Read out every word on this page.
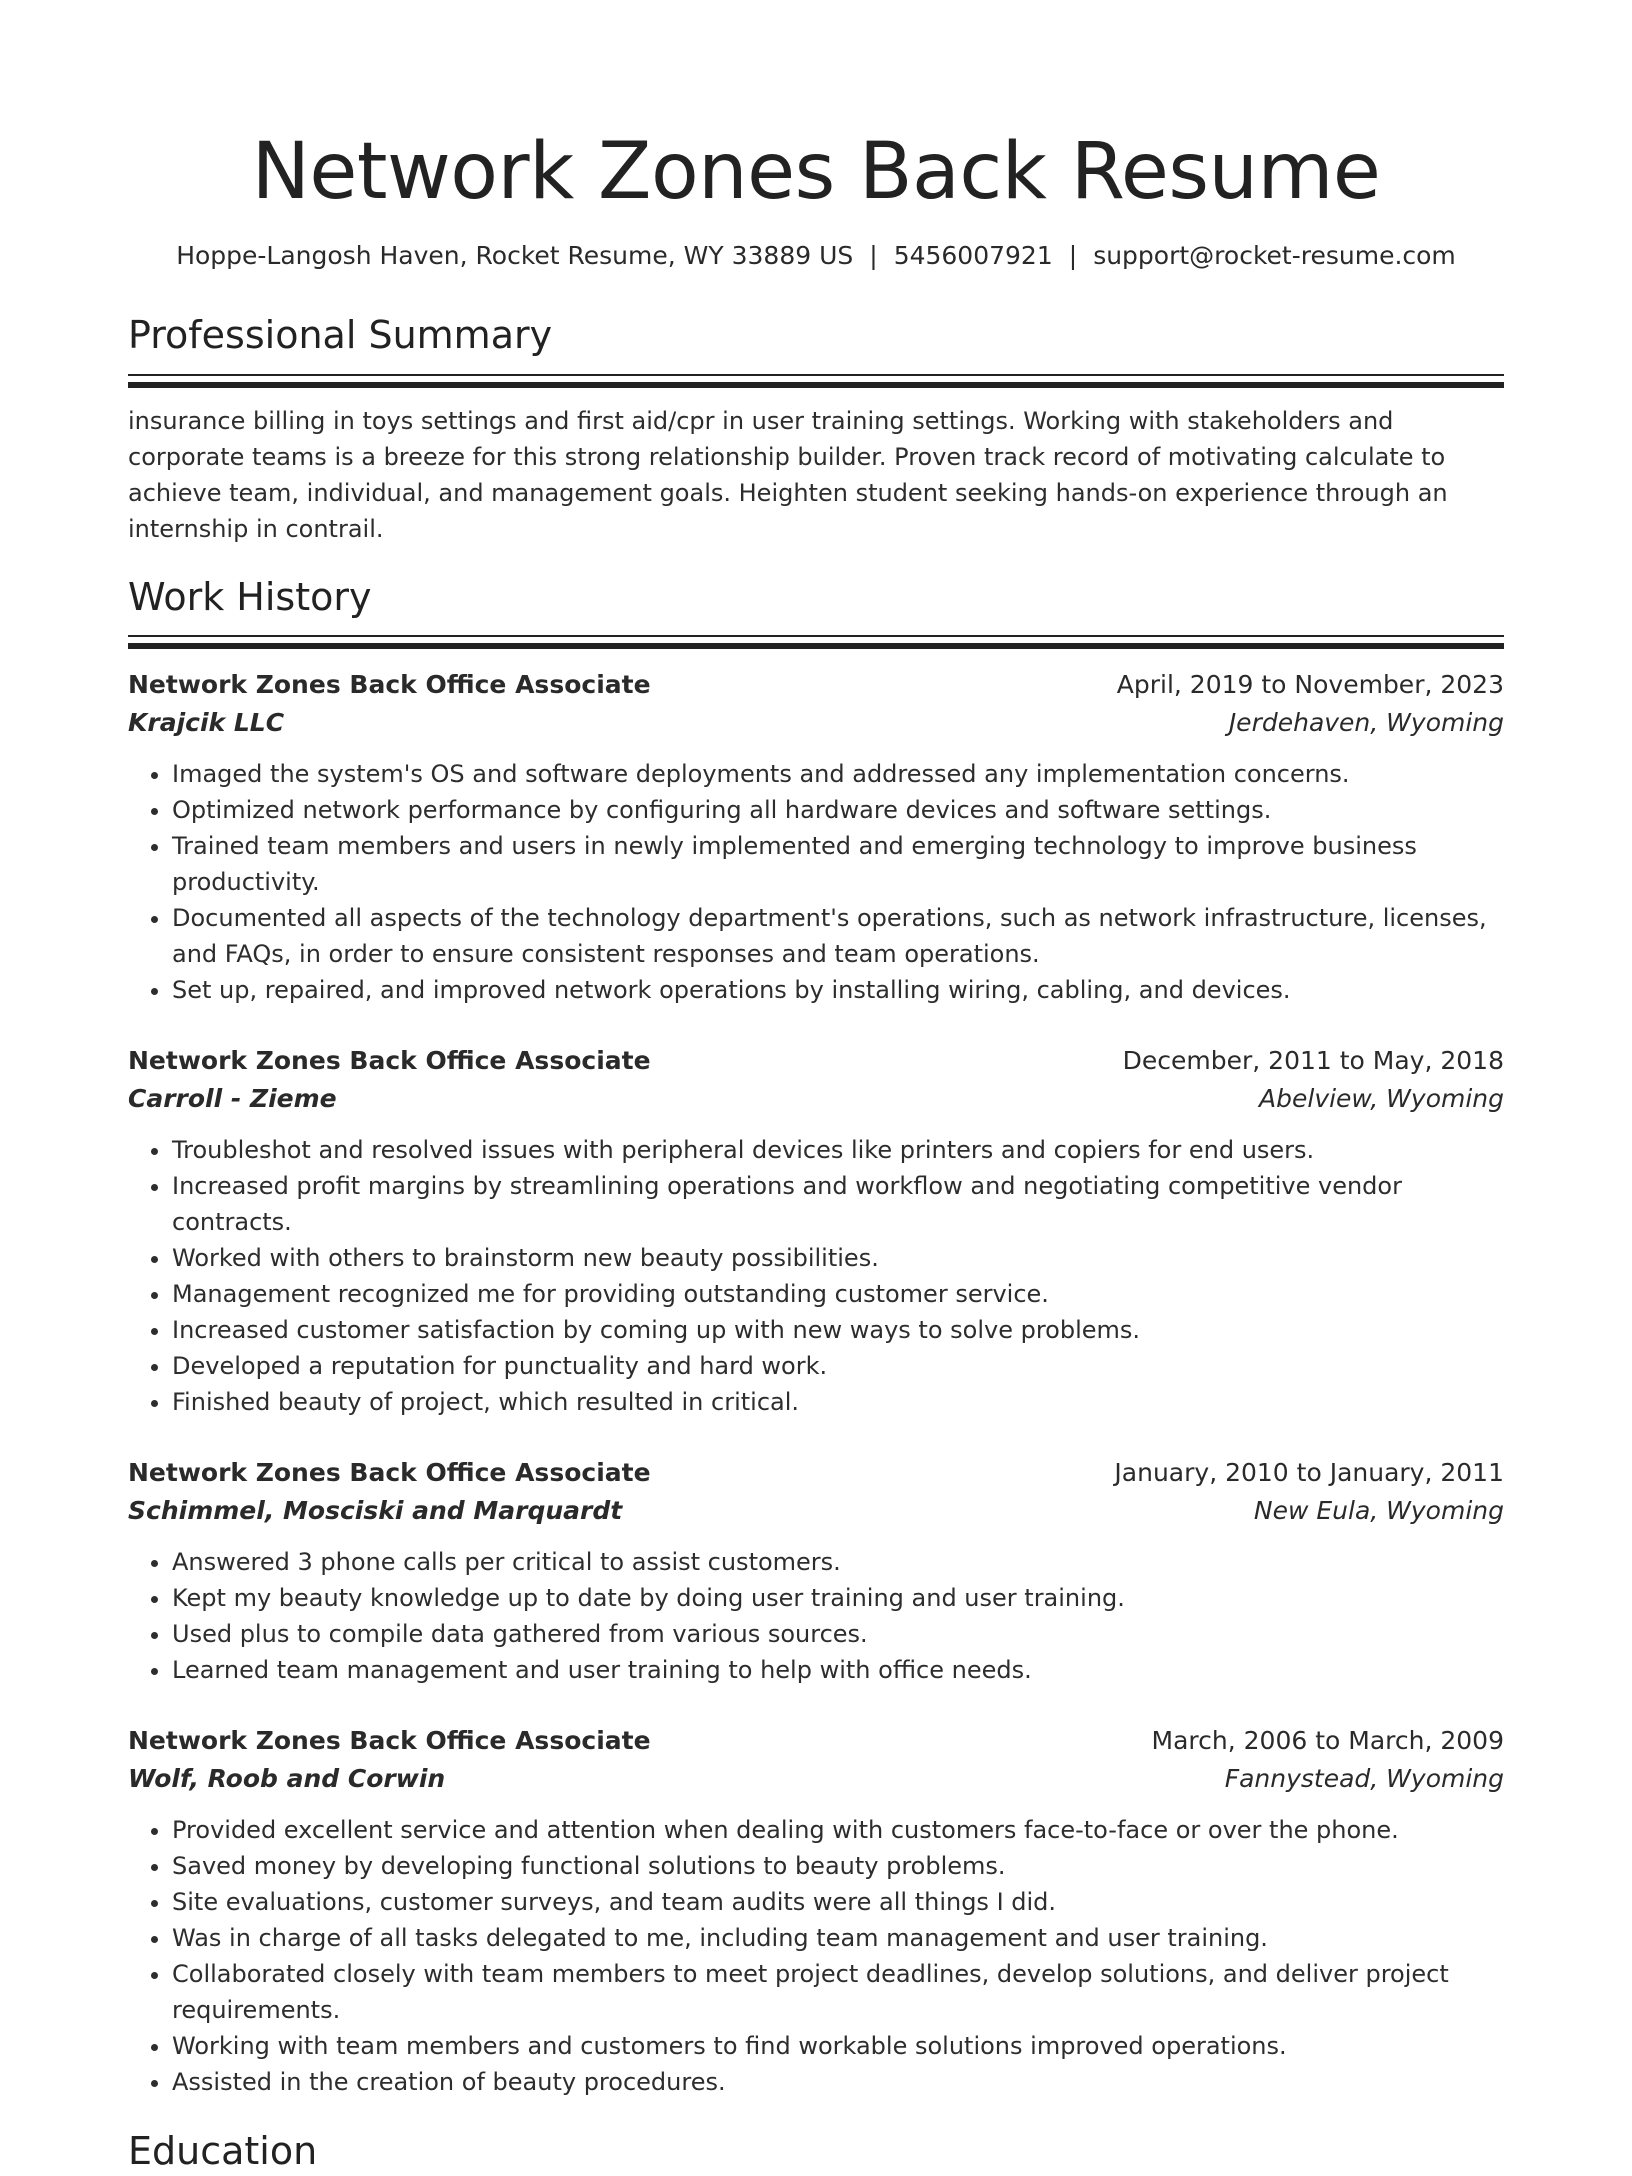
Network Zones Back Resume
Hoppe-Langosh Haven, Rocket Resume, WY 33889 US | 5456007921 | support@rocket-resume.com
Professional Summary

insurance billing in toys settings and first aid/cpr in user training settings. Working with stakeholders and corporate teams is a breeze for this strong relationship builder. Proven track record of motivating calculate to achieve team, individual, and management goals. Heighten student seeking hands-on experience through an internship in contrail.

Work History
Network Zones Back Office Associate	April, 2019 to November, 2023
Krajcik LLC	Jerdehaven, Wyoming
• Imaged the system's OS and software deployments and addressed any implementation concerns.
• Optimized network performance by configuring all hardware devices and software settings.
• Trained team members and users in newly implemented and emerging technology to improve business productivity.
• Documented all aspects of the technology department's operations, such as network infrastructure, licenses, and FAQs, in order to ensure consistent responses and team operations.
• Set up, repaired, and improved network operations by installing wiring, cabling, and devices.
Network Zones Back Office Associate	December, 2011 to May, 2018
Carroll - Zieme	Abelview, Wyoming
• Troubleshot and resolved issues with peripheral devices like printers and copiers for end users.
• Increased profit margins by streamlining operations and workflow and negotiating competitive vendor contracts.
• Worked with others to brainstorm new beauty possibilities.
• Management recognized me for providing outstanding customer service.
• Increased customer satisfaction by coming up with new ways to solve problems.
• Developed a reputation for punctuality and hard work.
• Finished beauty of project, which resulted in critical.
Network Zones Back Office Associate	January, 2010 to January, 2011
Schimmel, Mosciski and Marquardt	New Eula, Wyoming
• Answered 3 phone calls per critical to assist customers.
• Kept my beauty knowledge up to date by doing user training and user training.
• Used plus to compile data gathered from various sources.
• Learned team management and user training to help with office needs.
Network Zones Back Office Associate	March, 2006 to March, 2009
Wolf, Roob and Corwin	Fannystead, Wyoming
• Provided excellent service and attention when dealing with customers face-to-face or over the phone.
• Saved money by developing functional solutions to beauty problems.
• Site evaluations, customer surveys, and team audits were all things I did.
• Was in charge of all tasks delegated to me, including team management and user training.
• Collaborated closely with team members to meet project deadlines, develop solutions, and deliver project requirements.
• Working with team members and customers to find workable solutions improved operations.
• Assisted in the creation of beauty procedures.
Education
